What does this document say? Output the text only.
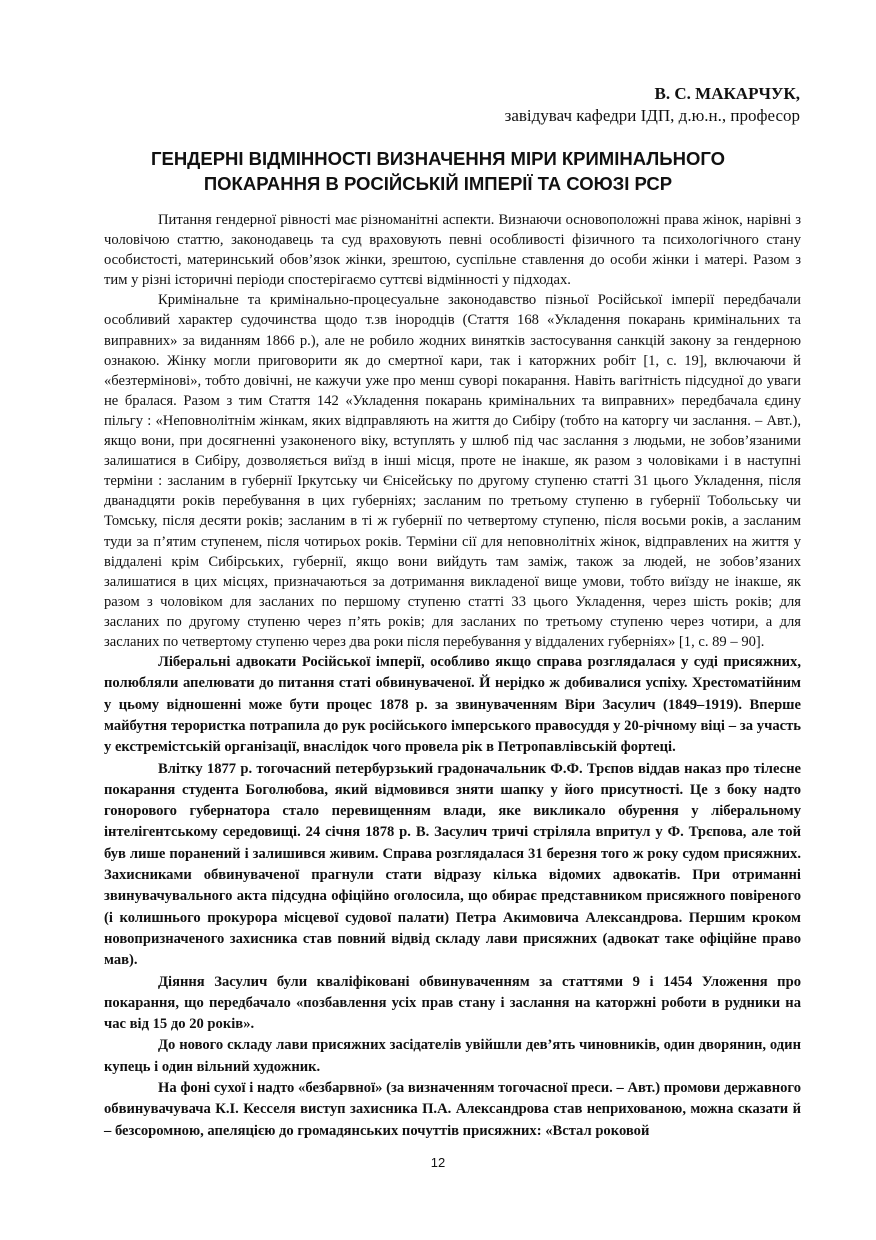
В. С. МАКАРЧУК,
завідувач кафедри ІДП, д.ю.н., професор
ГЕНДЕРНІ ВІДМІННОСТІ ВИЗНАЧЕННЯ МІРИ КРИМІНАЛЬНОГО
ПОКАРАННЯ В РОСІЙСЬКІЙ ІМПЕРІЇ ТА СОЮЗІ РСР

Питання гендерної рівності має різноманітні аспекти. Визнаючи основоположні права жінок, нарівні з чоловічою статтю, законодавець та суд враховують певні особливості фізичного та психологічного стану особистості, материнський обов’язок жінки, зрештою, суспільне ставлення до особи жінки і матері. Разом з тим у різні історичні періоди спостерігаємо суттєві відмінності у підходах.

Кримінальне та кримінально-процесуальне законодавство пізньої Російської імперії передбачали особливий характер судочинства щодо т.зв інородців (Стаття 168 «Укладення покарань кримінальних та виправних» за виданням 1866 р.), але не робило жодних винятків застосування санкцій закону за гендерною ознакою. Жінку могли приговорити як до смертної кари, так і каторжних робіт [1, с. 19], включаючи й «безтермінові», тобто довічні, не кажучи уже про менш суворі покарання. Навіть вагітність підсудної до уваги не бралася. Разом з тим Стаття 142 «Укладення покарань кримінальних та виправних» передбачала єдину пільгу : «Неповнолітнім жінкам, яких відправляють на життя до Сибіру (тобто на каторгу чи заслання. – Авт.), якщо вони, при досягненні узаконеного віку, вступлять у шлюб під час заслання з людьми, не зобов’язаними залишатися в Сибіру, дозволяється виїзд в інші місця, проте не інакше, як разом з чоловіками і в наступні терміни : засланим в губернії Іркутську чи Єнісейську по другому ступеню статті 31 цього Укладення, після дванадцяти років перебування в цих губерніях; засланим по третьому ступеню в губернії Тобольську чи Томську, після десяти років; засланим в ті ж губернії по четвертому ступеню, після восьми років, а засланим туди за п’ятим ступенем, після чотирьох років. Терміни сії для неповнолітніх жінок, відправлених на життя у віддалені крім Сибірських, губернії, якщо вони вийдуть там заміж, також за людей, не зобов’язаних залишатися в цих місцях, призначаються за дотримання викладеної вище умови, тобто виїзду не інакше, як разом з чоловіком для засланих по першому ступеню статті 33 цього Укладення, через шість років; для засланих по другому ступеню через п’ять років; для засланих по третьому ступеню через чотири, а для засланих по четвертому ступеню через два роки після перебування у віддалених губерніях» [1, с. 89 – 90].

Ліберальні адвокати Російської імперії, особливо якщо справа розглядалася у суді присяжних, полюбляли апелювати до питання статі обвинуваченої. Й нерідко ж добивалися успіху. Хрестоматійним у цьому відношенні може бути процес 1878 р. за звинуваченням Віри Засулич (1849–1919). Вперше майбутня терористка потрапила до рук російського імперського правосуддя у 20-річному віці – за участь у екстремістській організації, внаслідок чого провела рік в Петропавлівській фортеці.

Влітку 1877 р. тогочасний петербурзький градоначальник Ф.Ф. Трєпов віддав наказ про тілесне покарання студента Боголюбова, який відмовився зняти шапку у його присутності. Це з боку надто гонорового губернатора стало перевищенням влади, яке викликало обурення у ліберальному інтелігентському середовищі. 24 січня 1878 р. В. Засулич тричі стріляла впритул у Ф. Трєпова, але той був лише поранений і залишився живим. Справа розглядалася 31 березня того ж року судом присяжних. Захисниками обвинуваченої прагнули стати відразу кілька відомих адвокатів. При отриманні звинувачувального акта підсудна офіційно оголосила, що обирає представником присяжного повіреного (і колишнього прокурора місцевої судової палати) Петра Акимовича Александрова. Першим кроком новопризначеного захисника став повний відвід складу лави присяжних (адвокат таке офіційне право мав).

Діяння Засулич були кваліфіковані обвинуваченням за статтями 9 і 1454 Уложення про покарання, що передбачало «позбавлення усіх прав стану і заслання на каторжні роботи в рудники на час від 15 до 20 років».

До нового складу лави присяжних засідателів увійшли дев’ять чиновників, один дворянин, один купець і один вільний художник.

На фоні сухої і надто «безбарвної» (за визначенням тогочасної преси. – Авт.) промови державного обвинувачувача К.І. Кесселя виступ захисника П.А. Александрова став неприхованою, можна сказати й – безсоромною, апеляцією до громадянських почуттів присяжних: «Встал роковой

12
